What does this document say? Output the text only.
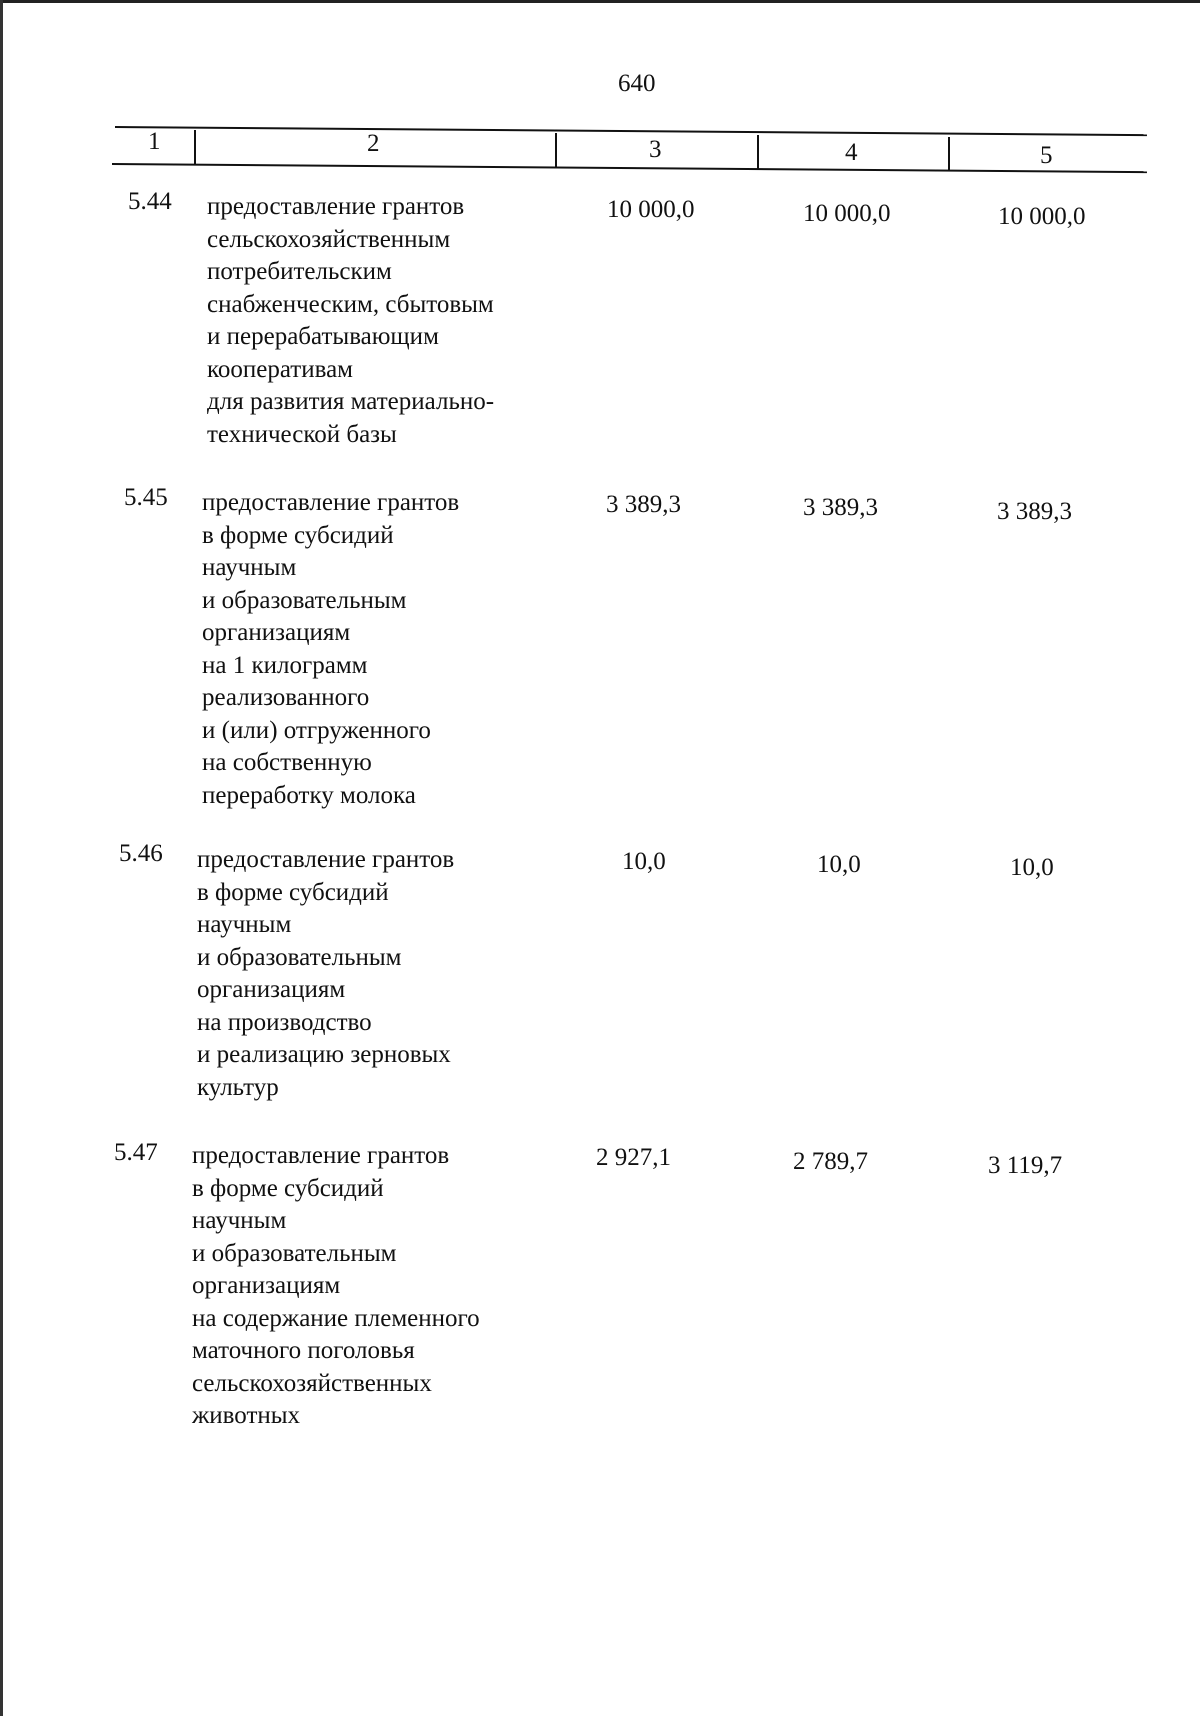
640
1	2	3	4	5
5.44 предоставление грантов
сельскохозяйственным
потребительским
снабженческим, сбытовым
и перерабатывающим
кооперативам
для развития материально-
технической базы
10 000,0	10 000,0	10 000,0
5.45 предоставление грантов
в форме субсидий
научным
и образовательным
организациям
на 1 килограмм
реализованного
и (или) отгруженного
на собственную
переработку молока
3 389,3	3 389,3	3 389,3
5.46 предоставление грантов
в форме субсидий
научным
и образовательным
организациям
на производство
и реализацию зерновых
культур
10,0	10,0	10,0
5.47 предоставление грантов
в форме субсидий
научным
и образовательным
организациям
на содержание племенного
маточного поголовья
сельскохозяйственных
животных
2 927,1	2 789,7	3 119,7
